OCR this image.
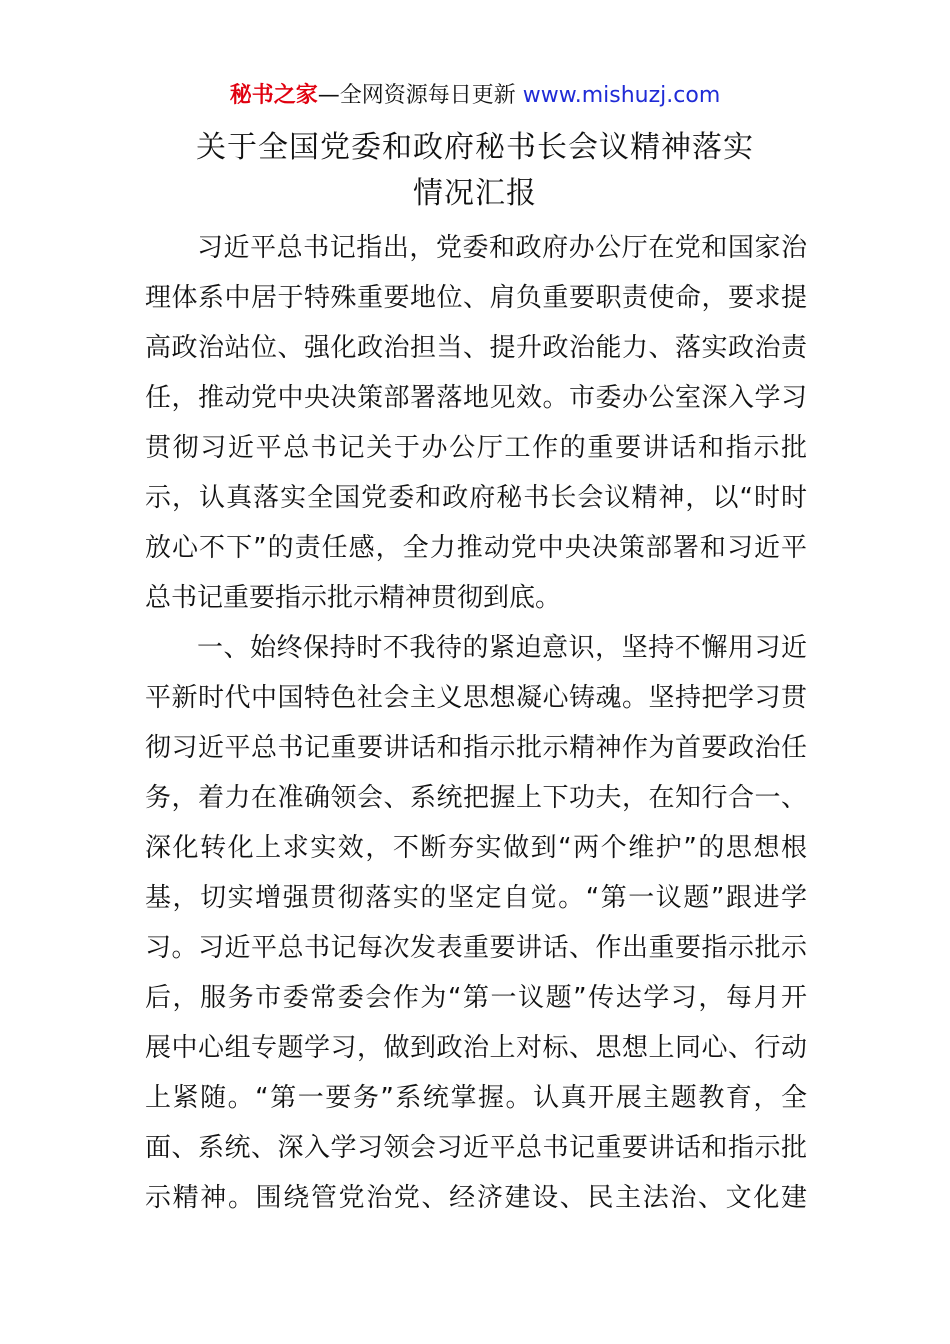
秘书之家—全网资源每日更新 www.mishuzj.com
关于全国党委和政府秘书长会议精神落实
情况汇报
习近平总书记指出，党委和政府办公厅在党和国家治
理体系中居于特殊重要地位、肩负重要职责使命，要求提
高政治站位、强化政治担当、提升政治能力、落实政治责
任，推动党中央决策部署落地见效。市委办公室深入学习
贯彻习近平总书记关于办公厅工作的重要讲话和指示批
示，认真落实全国党委和政府秘书长会议精神，以“时时
放心不下”的责任感，全力推动党中央决策部署和习近平
总书记重要指示批示精神贯彻到底。
一、始终保持时不我待的紧迫意识，坚持不懈用习近
平新时代中国特色社会主义思想凝心铸魂。坚持把学习贯
彻习近平总书记重要讲话和指示批示精神作为首要政治任
务，着力在准确领会、系统把握上下功夫，在知行合一、
深化转化上求实效，不断夯实做到“两个维护”的思想根
基，切实增强贯彻落实的坚定自觉。“第一议题”跟进学
习。习近平总书记每次发表重要讲话、作出重要指示批示
后，服务市委常委会作为“第一议题”传达学习，每月开
展中心组专题学习，做到政治上对标、思想上同心、行动
上紧随。“第一要务”系统掌握。认真开展主题教育，全
面、系统、深入学习领会习近平总书记重要讲话和指示批
示精神。围绕管党治党、经济建设、民主法治、文化建
